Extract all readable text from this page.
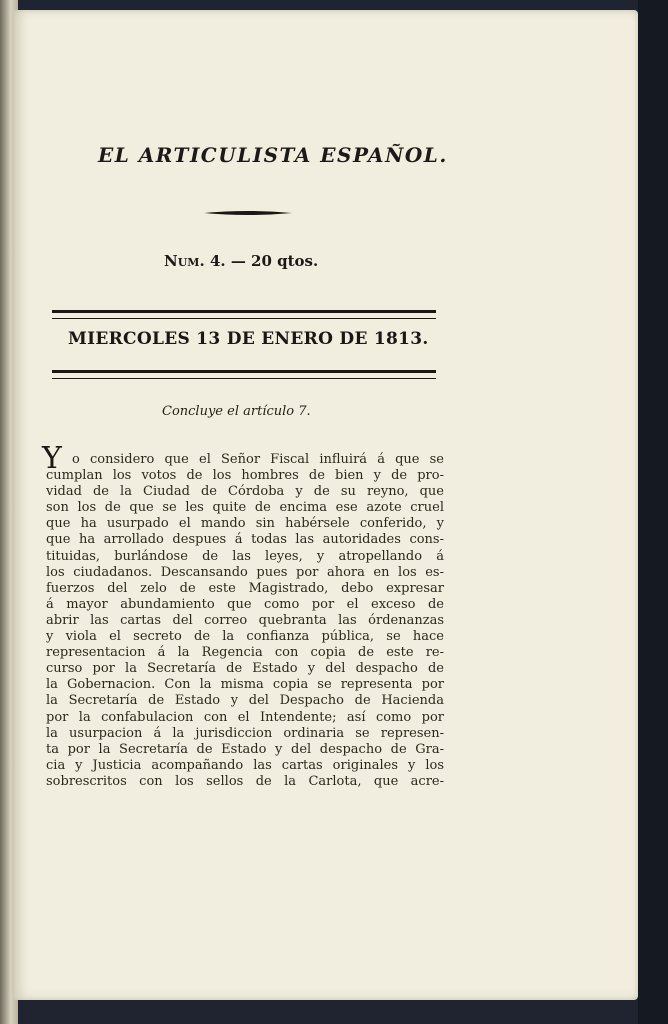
EL ARTICULISTA ESPAÑOL.
Num. 4. — 20 qtos.
MIERCOLES 13 DE ENERO DE 1813.
Concluye el artículo 7.
Y o considero que el Señor Fiscal influirá á que se
cumplan los votos de los hombres de bien y de pro-
vidad de la Ciudad de Córdoba y de su reyno, que
son los de que se les quite de encima ese azote cruel
que ha usurpado el mando sin habérsele conferido, y
que ha arrollado despues á todas las autoridades cons-
tituidas, burlándose de las leyes, y atropellando á
los ciudadanos. Descansando pues por ahora en los es-
fuerzos del zelo de este Magistrado, debo expresar
á mayor abundamiento que como por el exceso de
abrir las cartas del correo quebranta las órdenanzas
y viola el secreto de la confianza pública, se hace
representacion á la Regencia con copia de este re-
curso por la Secretaría de Estado y del despacho de
la Gobernacion. Con la misma copia se representa por
la Secretaría de Estado y del Despacho de Hacienda
por la confabulacion con el Intendente; así como por
la usurpacion á la jurisdiccion ordinaria se represen-
ta por la Secretaría de Estado y del despacho de Gra-
cia y Justicia acompañando las cartas originales y los
sobrescritos con los sellos de la Carlota, que acre-
